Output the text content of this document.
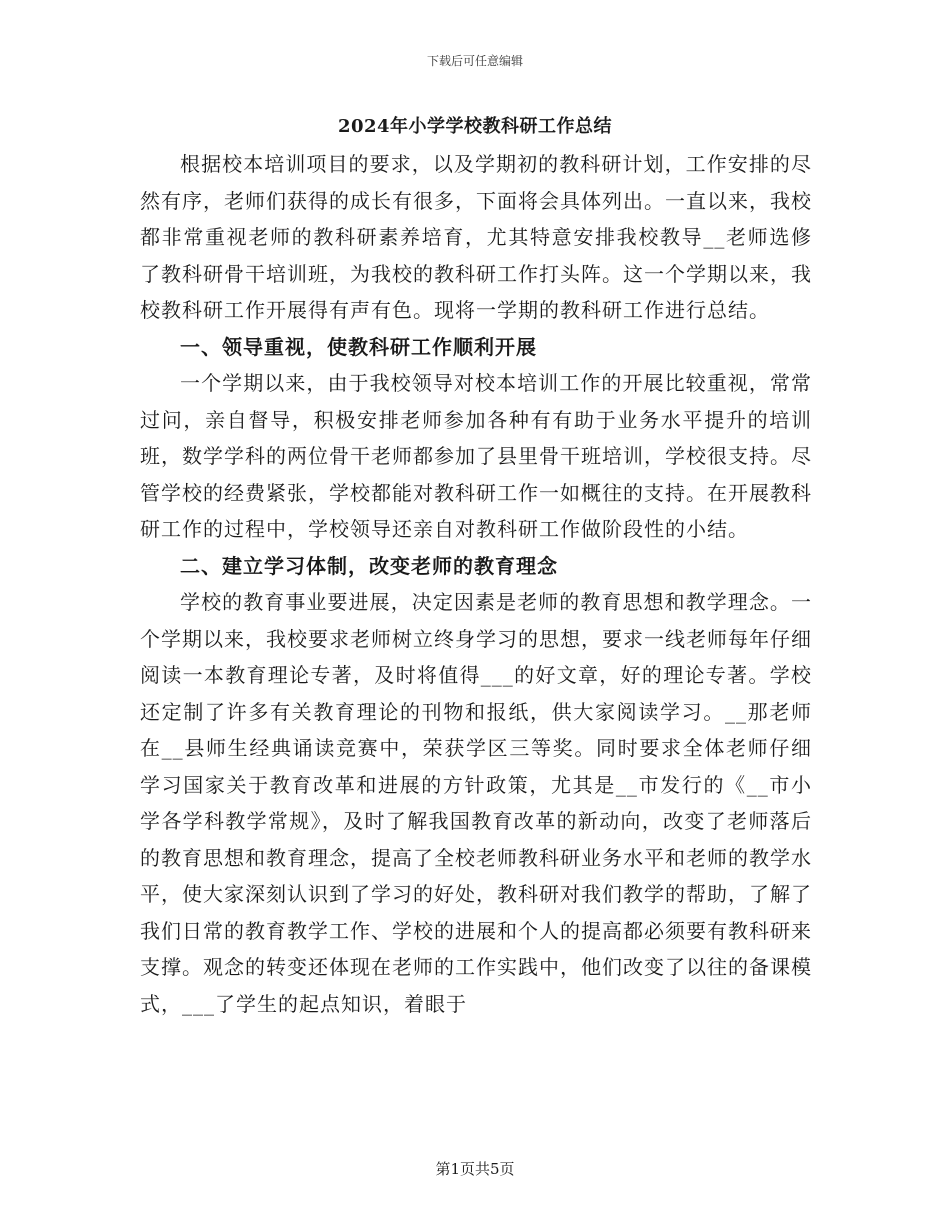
下载后可任意编辑
2024年小学学校教科研工作总结

根据校本培训项目的要求，以及学期初的教科研计划，工作安排的尽然有序，老师们获得的成长有很多，下面将会具体列出。一直以来，我校都非常重视老师的教科研素养培育，尤其特意安排我校教导__老师选修了教科研骨干培训班，为我校的教科研工作打头阵。这一个学期以来，我校教科研工作开展得有声有色。现将一学期的教科研工作进行总结。

一、领导重视，使教科研工作顺利开展

一个学期以来，由于我校领导对校本培训工作的开展比较重视，常常过问，亲自督导，积极安排老师参加各种有有助于业务水平提升的培训班，数学学科的两位骨干老师都参加了县里骨干班培训，学校很支持。尽管学校的经费紧张，学校都能对教科研工作一如概往的支持。在开展教科研工作的过程中，学校领导还亲自对教科研工作做阶段性的小结。

二、建立学习体制，改变老师的教育理念

学校的教育事业要进展，决定因素是老师的教育思想和教学理念。一个学期以来，我校要求老师树立终身学习的思想，要求一线老师每年仔细阅读一本教育理论专著，及时将值得___的好文章，好的理论专著。学校还定制了许多有关教育理论的刊物和报纸，供大家阅读学习。__那老师在__县师生经典诵读竞赛中，荣获学区三等奖。同时要求全体老师仔细学习国家关于教育改革和进展的方针政策，尤其是__市发行的《__市小学各学科教学常规》，及时了解我国教育改革的新动向，改变了老师落后的教育思想和教育理念，提高了全校老师教科研业务水平和老师的教学水平，使大家深刻认识到了学习的好处，教科研对我们教学的帮助，了解了我们日常的教育教学工作、学校的进展和个人的提高都必须要有教科研来支撑。观念的转变还体现在老师的工作实践中，他们改变了以往的备课模式，___了学生的起点知识，着眼于

第1页共5页
